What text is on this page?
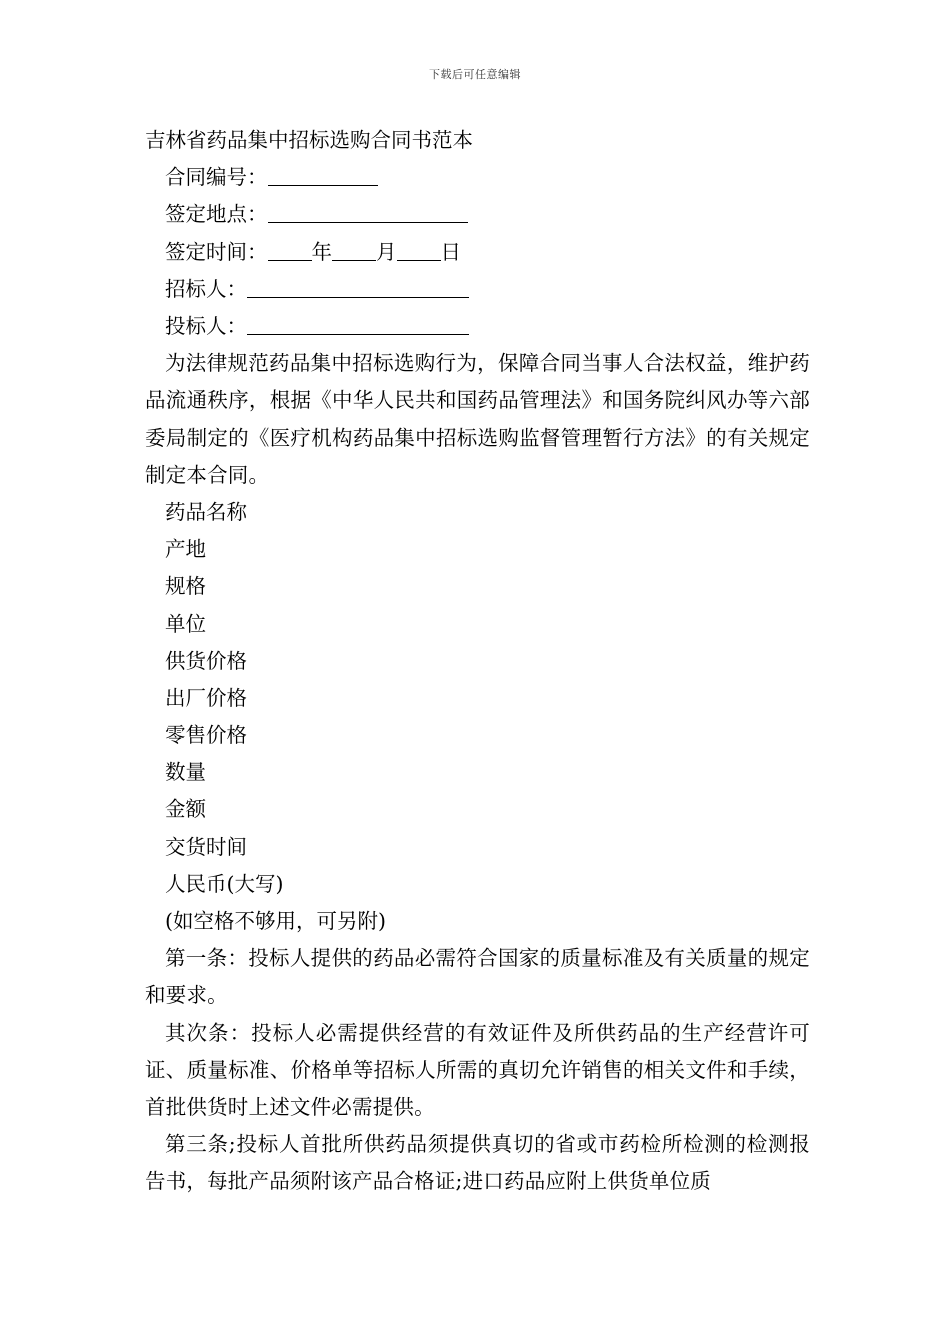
下载后可任意编辑
吉林省药品集中招标选购合同书范本
合同编号：
签定地点：
签定时间： 年 月 日
招标人：
投标人：
为法律规范药品集中招标选购行为，保障合同当事人合法权益，维护药品流通秩序，根据《中华人民共和国药品管理法》和国务院纠风办等六部委局制定的《医疗机构药品集中招标选购监督管理暂行方法》的有关规定制定本合同。
药品名称
产地
规格
单位
供货价格
出厂价格
零售价格
数量
金额
交货时间
人民币(大写)
(如空格不够用，可另附)
第一条：投标人提供的药品必需符合国家的质量标准及有关质量的规定和要求。
其次条：投标人必需提供经营的有效证件及所供药品的生产经营许可证、质量标准、价格单等招标人所需的真切允许销售的相关文件和手续，首批供货时上述文件必需提供。
第三条;投标人首批所供药品须提供真切的省或市药检所检测的检测报告书，每批产品须附该产品合格证;进口药品应附上供货单位质
